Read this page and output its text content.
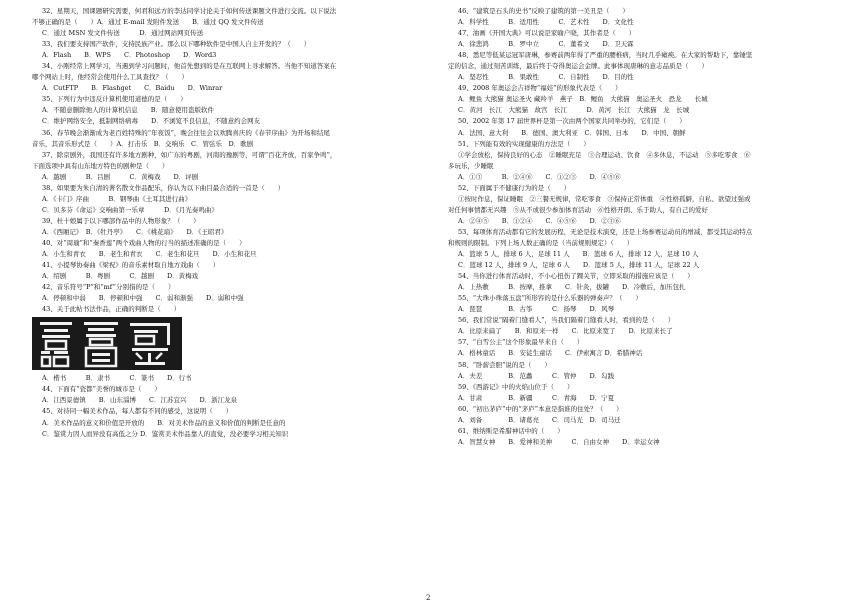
32、星期天，国课题研究需要，何君和远方的李达同学讨论关于如何传送课题文件进行交流。以下说法
不够正确的是（　　）A．通过 E-mail 发附件发送　　B．通过 QQ 发文件传送
C．通过 MSN 发文件传送　　　D．通过网站网页传送
33、我们要支持国产软件，支持民族产业。那么以下哪种软件是中国人自主开发的？（　　）
A．Flash　　B．WPS　　C．Photoshop　　D．Word3
34、小刚经常上网学习，当遇到学习问题时，他首先想到的是在互联网上寻求解答。当他不知道答案在
哪个网站上时，他经常会使用什么工具查找？（　　）
A．CutFTP　　B．Flashget　　C．Baidu　　D．Winrar
35、下列行为中违反计算机使用道德的是（　　）
A．不随意删除他人的计算机信息　　B．随意使用盗版软件
C．维护网络安全，抵制网络病毒　　D．不浏览不良信息，不随意约会网友
36、春节晚会渐渐成为老百姓特殊的“年夜饭”，晚会往往会以欢腾喜庆的《春节序曲》为开场和结尾
音乐，其音乐形式是（　　）A．打击乐　B．交响乐　C．管弦乐　D．歌剧
37、除京剧外，我国还有许多地方剧种，如广东的粤剧，河南的豫剧等，可谓“百花齐放，百家争鸣”，
下面选项中具有山东地方特色的剧种是（　　）
A．越剧　　　B．吕剧　　　C．黄梅戏　　D．评剧
38、如果要为朱自清的著名散文作品配乐，你认为以下曲目最合适的一首是（　　）
A．《卡门》序曲　　　B．钢琴曲《土耳其进行曲》
C．贝多芬《命运》交响曲第一乐章　　　D．《月光奏鸣曲》
39、杜十娘属于以下哪部作品中的人物形象？（　　）
A．《西厢记》　B．《牡丹亭》　　C．《桃花扇》　　D．《王昭君》
40、对“周瑜”和“秦香莲”两个戏曲人物的行当的描述准确的是（　　）
A．小生和青衣　　B．老生和青衣　　C．老生和花旦　　D．小生和花旦
41、小提琴协奏曲《梁祝》的音乐素材取自地方戏曲（　　）
A．绍剧　　　B．粤剧　　　C．越剧　　D．黄梅戏
42、音乐符号“P”和“mf”分别指的是（　　）
A．停顿和中弱　　B．停顿和中强　　C．弱和渐强　　D．弱和中强
43、关于此帖书法作品，正确的判断是（　　）
A．楷书　　　B．隶书　　　C．篆书　　D．行书
44、下面有“瓷都”美誉的城市是（　　）
A．江西景德镇　　B．山东淄博　　C．江苏宜兴　　D．浙江龙泉
45、对待同一幅美术作品，每人都有不同的感受，这说明（　　）
A．美术作品的意义和价值是开放的　　B．对美术作品的意义和价值的判断是任意的
C．鉴赏力因人而异没有高低之分 D．鉴赏美术作品靠人的直觉，没必要学习相关知识
46、“建筑是石头的史书”反映了建筑的第一美丑是（　　）
A．科学性　　　B．适用性　　　C．艺术性　　D．文化性
47、油画《开国大典》可以说是家喻户晓，其作者是（　　）
A．徐悲鸿　　　B．罗中立　　　C．董希文　　D．卫天霖
48、悉尼等低某运冠军唐琳，参赛前两年得了严重的腰椎病，当时几乎瘫痪。在大家的帮助下，靠锤坚
定的信念，通过刻苦训练，最后终于夺得奥运会金牌。此事体现唐琳的意志品质是（　　）
A．坚忍性　　　B．果敢性　　　C．自制性　　D．目的性
49、2008 年奥运会吉祥物“福娃”的形象代表是（　　）
A．鲤鱼 大熊猫 奥运圣火 藏羚羊　燕子　B．鲤鱼　大熊猫　奥运圣火　恐龙　　长城
C．黄河　长江　大熊猫　故宫　长江　　　D．黄河　长江　大熊猫　龙　长城
50、2002 年第 17 届世界杯是第一次由两个国家共同举办的，它们是（　　）
A．法国、意大利　　B．德国、澳大利亚　C．韩国、日本　　D．中国、朝鲜
51、下列能有效的实现健康的方法是（　　）
①学会放松，保持良好的心态　②睡眠充足　③合理运动、饮食　④多休息，不运动　⑤多吃零食　⑥
多玩乐，少睡眠
A．①③　　　B．②④⑥　　C．①②③　　D．④⑤⑥
52、下面属于不健康行为的是（　　）
①按时作息，保证睡眠　②三餐无规律，常吃零食　③保持正常体重　④性格孤僻，自私、欲望过强或
对任何事情都无兴趣　⑤从不或很少参加体育活动　⑥性格开朗、乐于助人，有自己的爱好
A．②④⑤　　B．①②④　　C．④⑤⑥　　D．②③⑥
53、每项体育活动都有它的发展历程，无论是技术演变，还是上场参赛运动员的增减，都受其运动特点
和规则的限制。下列上场人数正确的是（当前规则规定）（　　）
A．篮球 5 人，排球 6 人，足球 11 人　　B．篮球 6 人，排球 12 人，足球 10 人
C．篮球 12 人，排球 9 人，足球 6 人　　D．篮球 5 人，排球 11 人，足球 22 人
54、当你进行体育活动时，不小心扭伤了踝关节，立即采取的措施应该是（　　）
A．上热敷　　　B．按摩，推拿　　C．针灸，拔罐　　D．冷敷后，加压包扎
55、“大珠小珠落玉盘”所形容的是什么乐器的弹奏声？（　　）
A．琵琶　　　　B．古筝　　　C．扬琴　　D．风琴
56、我们常说“隔着门缝看人”，当我们隔着门缝看人时，看到的是（　　）
A．比原来扁了　　B．和原来一样　　C．比原来宽了　　D．比原来长了
57、“白雪公主”这个形象最早来自（　　）
A．格林童话　　B．安徒生童话　　C．伊索寓言 D．希腊神话
58、“卧薪尝胆”说的是（　　）
A．夫差　　　　B．范蠡　　　C．管仲　　D．勾践
59、《西游记》中的火焰山位于（　　）
A．甘肃　　　　B．新疆　　　C．青海　　D．宁夏
60、“初出茅庐”中的“茅庐”本意是指谁的住处？（　　）
A．刘备　　　　B．诸葛亮　　C．司马光　D．司马迁
61、维纳斯是希腊神话中的（　　）
A．智慧女神　　B．爱神和美神　　　C．自由女神　　D．幸运女神
2
